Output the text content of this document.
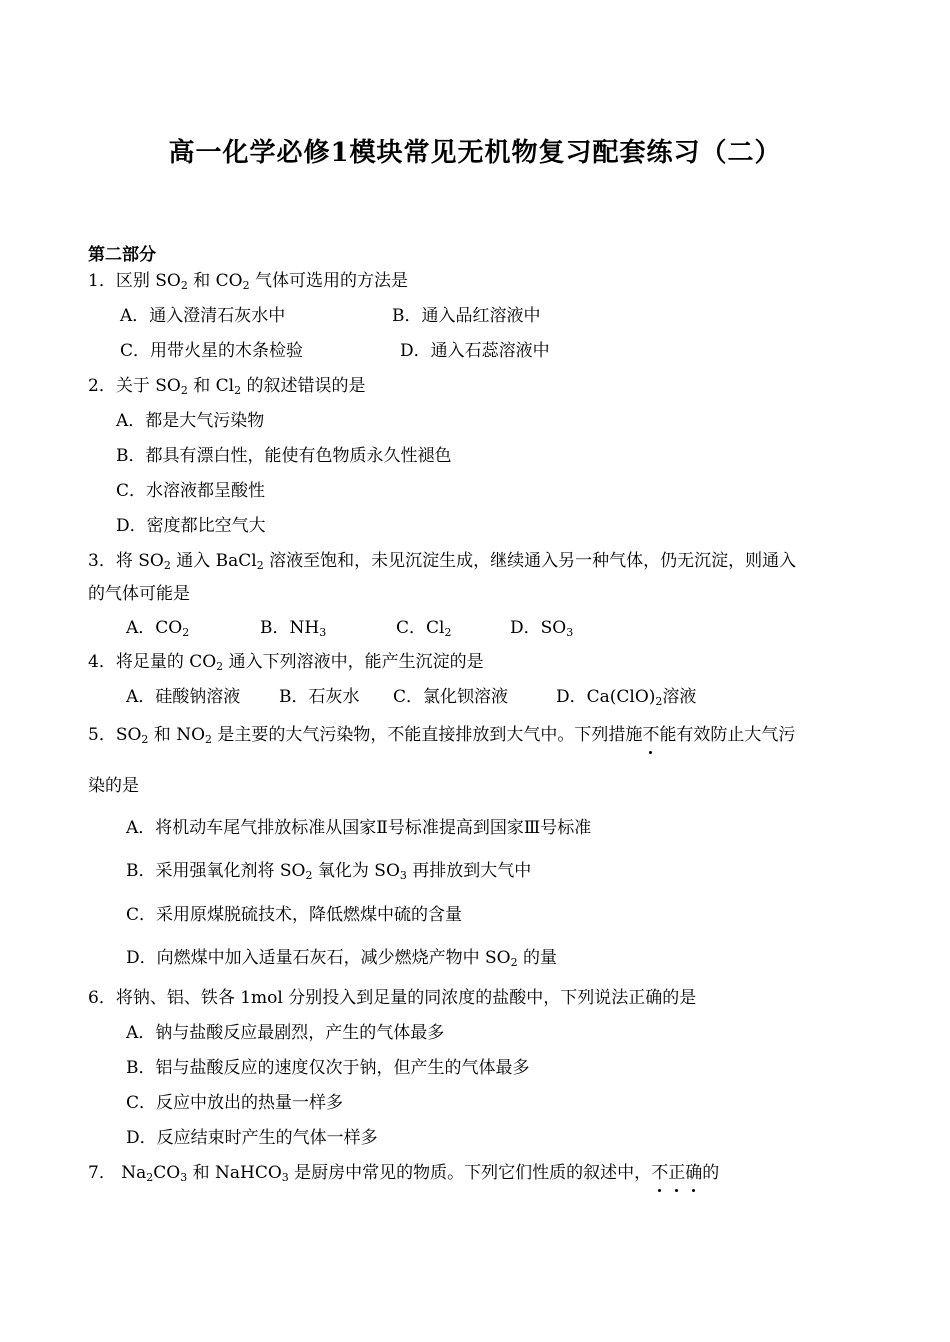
高一化学必修1模块常见无机物复习配套练习（二）
第二部分
1．区别 $SO_2$ 和 $CO_2$ 气体可选用的方法是
A．通入澄清石灰水中	B．通入品红溶液中
C．用带火星的木条检验	D．通入石蕊溶液中
2．关于 $SO_2$ 和 $Cl_2$ 的叙述错误的是
A．都是大气污染物
B．都具有漂白性，能使有色物质永久性褪色
C．水溶液都呈酸性
D．密度都比空气大
3．将 $SO_2$ 通入 BaCl$_2$ 溶液至饱和，未见沉淀生成，继续通入另一种气体，仍无沉淀，则通入
的气体可能是
A．$CO_2$	B．$NH_3$	C．$Cl_2$	D．$SO_3$
4．将足量的 $CO_2$ 通入下列溶液中，能产生沉淀的是
A．硅酸钠溶液 B．石灰水 C．氯化钡溶液	D．$Ca(ClO)_2$溶液
5．$SO_2$ 和 $NO_2$ 是主要的大气污染物，不能直接排放到大气中。下列措施不能有效防止大气污
染的是
A．将机动车尾气排放标准从国家Ⅱ号标准提高到国家Ⅲ号标准
B．采用强氧化剂将 $SO_2$ 氧化为 $SO_3$ 再排放到大气中
C．采用原煤脱硫技术，降低燃煤中硫的含量
D．向燃煤中加入适量石灰石，减少燃烧产物中 $SO_2$ 的量
6．将钠、铝、铁各 1mol 分别投入到足量的同浓度的盐酸中，下列说法正确的是
A．钠与盐酸反应最剧烈，产生的气体最多
B．铝与盐酸反应的速度仅次于钠，但产生的气体最多
C．反应中放出的热量一样多
D．反应结束时产生的气体一样多
7． $Na_2CO_3$ 和 NaHCO$_3$ 是厨房中常见的物质。下列它们性质的叙述中，不正确的
